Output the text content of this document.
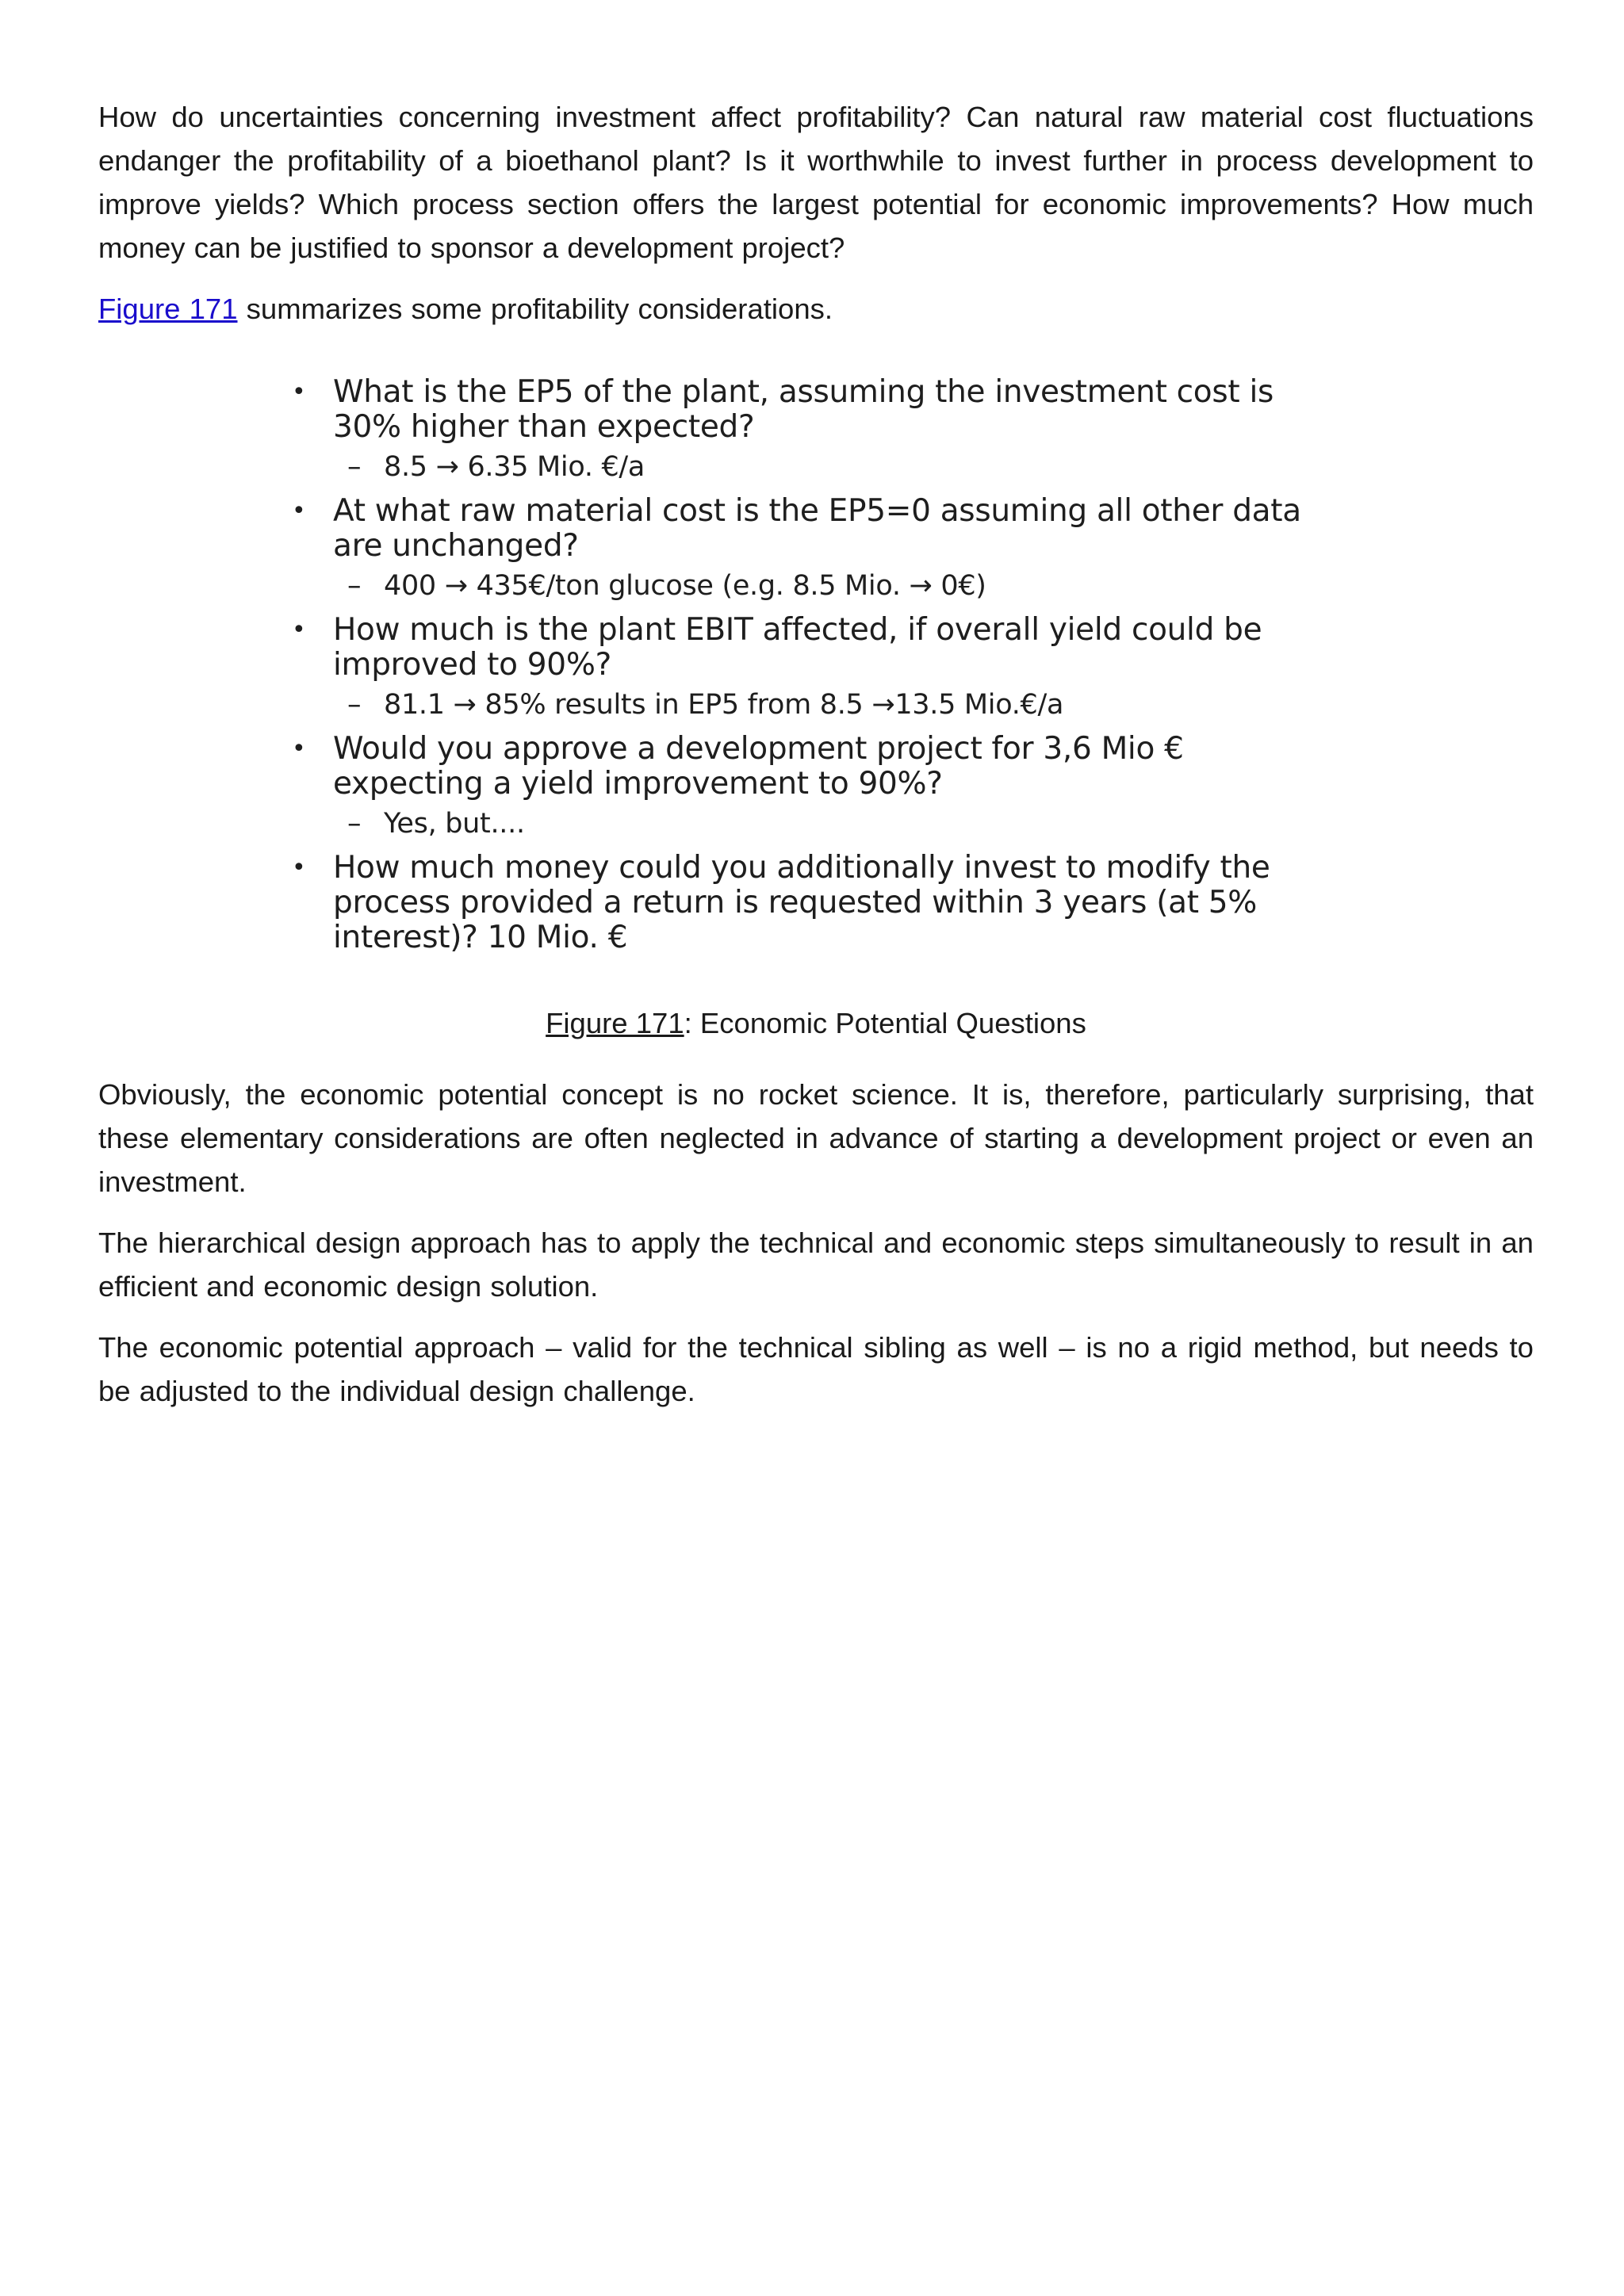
How do uncertainties concerning investment affect profitability? Can natural raw material cost fluctuations endanger the profitability of a bioethanol plant? Is it worthwhile to invest further in process development to improve yields? Which process section offers the largest potential for economic improvements? How much money can be justified to sponsor a development project?

Figure 171 summarizes some profitability considerations.

• What is the EP5 of the plant, assuming the investment cost is 30% higher than expected?
– 8.5 → 6.35 Mio. €/a
• At what raw material cost is the EP5=0 assuming all other data are unchanged?
– 400 → 435€/ton glucose (e.g. 8.5 Mio. → 0€)
• How much is the plant EBIT affected, if overall yield could be improved to 90%?
– 81.1 → 85% results in EP5 from 8.5 →13.5 Mio.€/a
• Would you approve a development project for 3,6 Mio € expecting a yield improvement to 90%?
– Yes, but....
• How much money could you additionally invest to modify the process provided a return is requested within 3 years (at 5% interest)? 10 Mio. €
Figure 171: Economic Potential Questions

Obviously, the economic potential concept is no rocket science. It is, therefore, particularly surprising, that these elementary considerations are often neglected in advance of starting a development project or even an investment.

The hierarchical design approach has to apply the technical and economic steps simultaneously to result in an efficient and economic design solution.

The economic potential approach – valid for the technical sibling as well – is no a rigid method, but needs to be adjusted to the individual design challenge.
